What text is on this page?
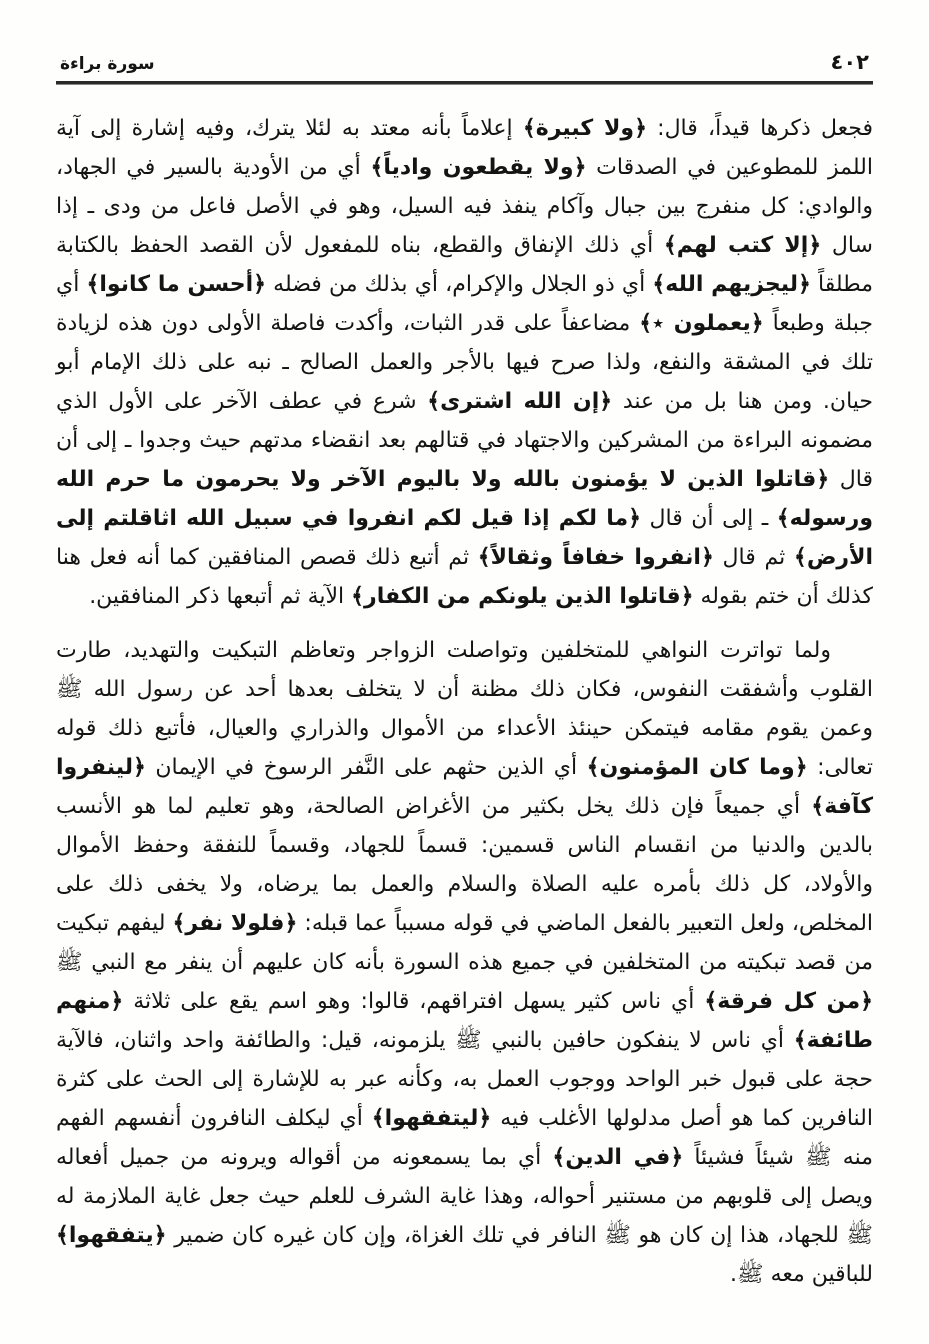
٤٠٢
سورة براءة

فجعل ذكرها قيداً، قال: ﴿ولا كبيرة﴾ إعلاماً بأنه معتد به لئلا يترك، وفيه إشارة إلى آية اللمز للمطوعين في الصدقات ﴿ولا يقطعون وادياً﴾ أي من الأودية بالسير في الجهاد، والوادي: كل منفرج بين جبال وآكام ينفذ فيه السيل، وهو في الأصل فاعل من ودى ـ إذا سال ﴿إلا كتب لهم﴾ أي ذلك الإنفاق والقطع، بناه للمفعول لأن القصد الحفظ بالكتابة مطلقاً ﴿ليجزيهم الله﴾ أي ذو الجلال والإكرام، أي بذلك من فضله ﴿أحسن ما كانوا﴾ أي جبلة وطبعاً ﴿يعملون ٭﴾ مضاعفاً على قدر الثبات، وأكدت فاصلة الأولى دون هذه لزيادة تلك في المشقة والنفع، ولذا صرح فيها بالأجر والعمل الصالح ـ نبه على ذلك الإمام أبو حيان. ومن هنا بل من عند ﴿إن الله اشترى﴾ شرع في عطف الآخر على الأول الذي مضمونه البراءة من المشركين والاجتهاد في قتالهم بعد انقضاء مدتهم حيث وجدوا ـ إلى أن قال ﴿قاتلوا الذين لا يؤمنون بالله ولا باليوم الآخر ولا يحرمون ما حرم الله ورسوله﴾ ـ إلى أن قال ﴿ما لكم إذا قيل لكم انفروا في سبيل الله اثاقلتم إلى الأرض﴾ ثم قال ﴿انفروا خفافاً وثقالاً﴾ ثم أتبع ذلك قصص المنافقين كما أنه فعل هنا كذلك أن ختم بقوله ﴿قاتلوا الذين يلونكم من الكفار﴾ الآية ثم أتبعها ذكر المنافقين.

ولما تواترت النواهي للمتخلفين وتواصلت الزواجر وتعاظم التبكيت والتهديد، طارت القلوب وأشفقت النفوس، فكان ذلك مظنة أن لا يتخلف بعدها أحد عن رسول الله ﷺ وعمن يقوم مقامه فيتمكن حينئذ الأعداء من الأموال والذراري والعيال، فأتبع ذلك قوله تعالى: ﴿وما كان المؤمنون﴾ أي الذين حثهم على النَّفر الرسوخ في الإيمان ﴿لينفروا كآفة﴾ أي جميعاً فإن ذلك يخل بكثير من الأغراض الصالحة، وهو تعليم لما هو الأنسب بالدين والدنيا من انقسام الناس قسمين: قسماً للجهاد، وقسماً للنفقة وحفظ الأموال والأولاد، كل ذلك بأمره عليه الصلاة والسلام والعمل بما يرضاه، ولا يخفى ذلك على المخلص، ولعل التعبير بالفعل الماضي في قوله مسبباً عما قبله: ﴿فلولا نفر﴾ ليفهم تبكيت من قصد تبكيته من المتخلفين في جميع هذه السورة بأنه كان عليهم أن ينفر مع النبي ﷺ ﴿من كل فرقة﴾ أي ناس كثير يسهل افتراقهم، قالوا: وهو اسم يقع على ثلاثة ﴿منهم طائفة﴾ أي ناس لا ينفكون حافين بالنبي ﷺ يلزمونه، قيل: والطائفة واحد واثنان، فالآية حجة على قبول خبر الواحد ووجوب العمل به، وكأنه عبر به للإشارة إلى الحث على كثرة النافرين كما هو أصل مدلولها الأغلب فيه ﴿ليتفقهوا﴾ أي ليكلف النافرون أنفسهم الفهم منه ﷺ شيئاً فشيئاً ﴿في الدين﴾ أي بما يسمعونه من أقواله ويرونه من جميل أفعاله ويصل إلى قلوبهم من مستنير أحواله، وهذا غاية الشرف للعلم حيث جعل غاية الملازمة له ﷺ للجهاد، هذا إن كان هو ﷺ النافر في تلك الغزاة، وإن كان غيره كان ضمير ﴿يتفقهوا﴾ للباقين معه ﷺ.
